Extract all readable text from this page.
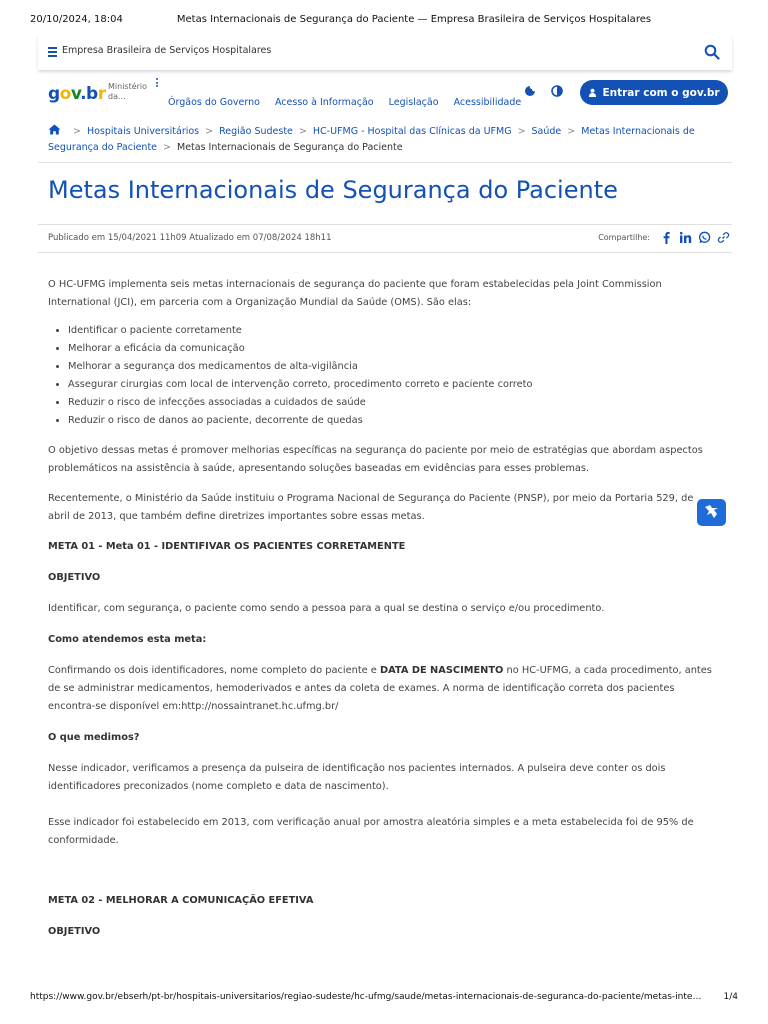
20/10/2024, 18:04	Metas Internacionais de Segurança do Paciente — Empresa Brasileira de Serviços Hospitalares
Empresa Brasileira de Serviços Hospitalares
gov.br Ministério
da...
Órgãos do Governo Acesso à Informação Legislação Acessibilidade
Entrar com o gov.br
> Hospitais Universitários > Região Sudeste > HC-UFMG - Hospital das Clínicas da UFMG > Saúde > Metas Internacionais de Segurança do Paciente > Metas Internacionais de Segurança do Paciente
Metas Internacionais de Segurança do Paciente
Publicado em 15/04/2021 11h09 Atualizado em 07/08/2024 18h11	Compartilhe:

O HC-UFMG implementa seis metas internacionais de segurança do paciente que foram estabelecidas pela Joint Commission International (JCI), em parceria com a Organização Mundial da Saúde (OMS). São elas:

• Identificar o paciente corretamente
• Melhorar a eficácia da comunicação
• Melhorar a segurança dos medicamentos de alta-vigilância
• Assegurar cirurgias com local de intervenção correto, procedimento correto e paciente correto
• Reduzir o risco de infecções associadas a cuidados de saúde
• Reduzir o risco de danos ao paciente, decorrente de quedas

O objetivo dessas metas é promover melhorias específicas na segurança do paciente por meio de estratégias que abordam aspectos problemáticos na assistência à saúde, apresentando soluções baseadas em evidências para esses problemas.

Recentemente, o Ministério da Saúde instituiu o Programa Nacional de Segurança do Paciente (PNSP), por meio da Portaria 529, de abril de 2013, que também define diretrizes importantes sobre essas metas.

META 01 - Meta 01 - IDENTIFIVAR OS PACIENTES CORRETAMENTE

OBJETIVO

Identificar, com segurança, o paciente como sendo a pessoa para a qual se destina o serviço e/ou procedimento.

Como atendemos esta meta:

Confirmando os dois identificadores, nome completo do paciente e DATA DE NASCIMENTO no HC-UFMG, a cada procedimento, antes de se administrar medicamentos, hemoderivados e antes da coleta de exames. A norma de identificação correta dos pacientes encontra-se disponível em:http://nossaintranet.hc.ufmg.br/

O que medimos?

Nesse indicador, verificamos a presença da pulseira de identificação nos pacientes internados. A pulseira deve conter os dois identificadores preconizados (nome completo e data de nascimento).

Esse indicador foi estabelecido em 2013, com verificação anual por amostra aleatória simples e a meta estabelecida foi de 95% de conformidade.

META 02 - MELHORAR A COMUNICAÇÃO EFETIVA

OBJETIVO

https://www.gov.br/ebserh/pt-br/hospitais-universitarios/regiao-sudeste/hc-ufmg/saude/metas-internacionais-de-seguranca-do-paciente/metas-inte…	1/4
